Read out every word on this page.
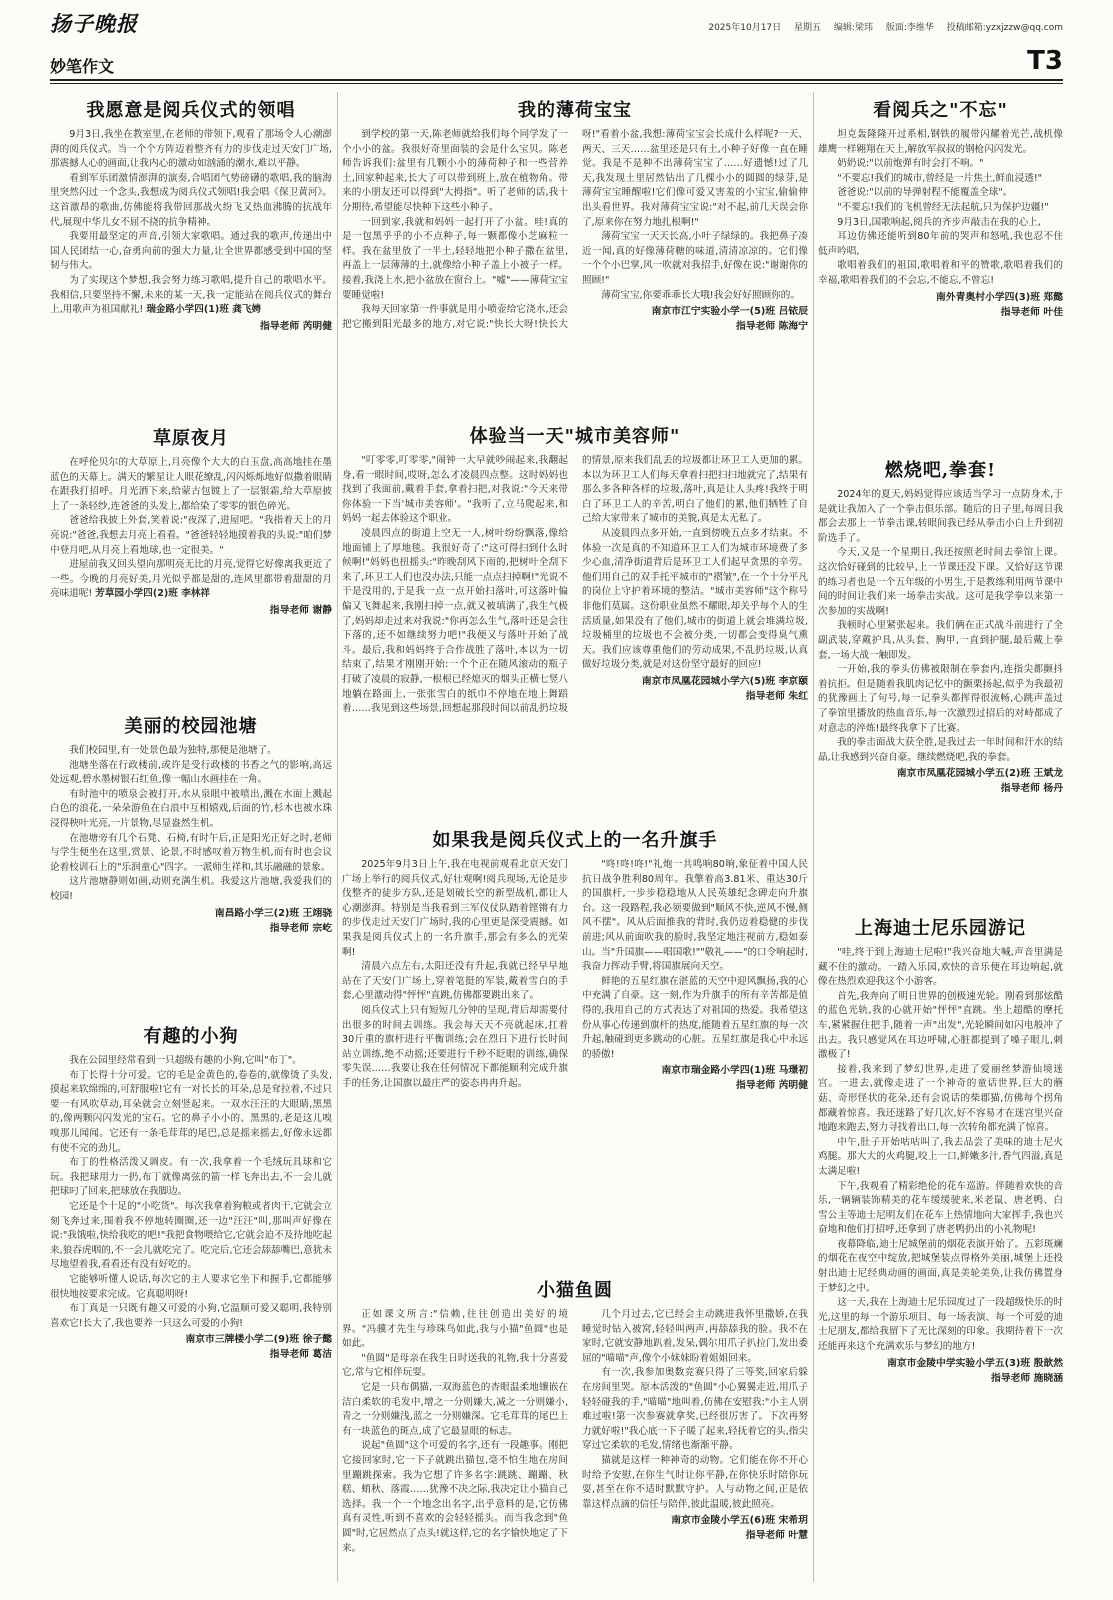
扬子晚报	2025年10月17日 星期五 编辑:梁玮 版面:李维华 投稿邮箱:yzxjzzw@qq.com
妙笔作文	T3
我愿意是阅兵仪式的领唱

9月3日,我坐在教室里,在老师的带领下,观看了那场令人心潮澎湃的阅兵仪式。当一个个方阵迈着整齐有力的步伐走过天安门广场,那震撼人心的画面,让我内心的激动如汹涌的潮水,难以平静。

看到军乐团激情澎湃的演奏,合唱团气势磅礴的歌唱,我的脑海里突然闪过一个念头,我想成为阅兵仪式领唱!我会唱《保卫黄河》。这首激昂的歌曲,仿佛能将我带回那战火纷飞又热血沸腾的抗战年代,展现中华儿女不屈不挠的抗争精神。

我要用最坚定的声音,引领大家歌唱。通过我的歌声,传递出中国人民团结一心,奋勇向前的强大力量,让全世界都感受到中国的坚韧与伟大。

为了实现这个梦想,我会努力练习歌唱,提升自己的歌唱水平。我相信,只要坚持不懈,未来的某一天,我一定能站在阅兵仪式的舞台上,用歌声为祖国献礼! 瑞金路小学四(1)班 龚飞娉

指导老师 芮明健
草原夜月

在呼伦贝尔的大草原上,月亮像个大大的白玉盘,高高地挂在墨蓝色的天幕上。满天的繁星让人眼花缭乱,闪闪烁烁地好似撒着眼睛在跟我打招呼。月光洒下来,给蒙古包镀上了一层银霜,给大草原披上了一条轻纱,连爸爸的头发上,都给染了零零的银色碎光。

爸爸给我披上外套,笑着说:"夜深了,进屋吧。"我指着天上的月亮说:"爸爸,我想去月亮上看看。"爸爸轻轻地摸着我的头说:"咱们梦中登月吧,从月亮上看地球,也一定很美。"

进屋前我又回头望向那明亮无比的月亮,觉得它好像离我更近了一些。今晚的月亮好美,月光似乎都是甜的,连风里都带着甜甜的月亮味道呢! 芳草园小学四(2)班 李林祥

指导老师 谢静
美丽的校园池塘

我们校园里,有一处景色最为独特,那便是池塘了。

池塘坐落在行政楼前,或许是受行政楼的书香之气的影响,高远处远观,碧水墨树银石红鱼,像一幅山水画挂在一角。

有时池中的喷泉会被打开,水从泉眼中被喷出,溅在水面上溅起白色的浪花,一朵朵游鱼在白浪中互相嬉戏,后面的竹,杉木也被水珠浸得秧叶光亮,一片景物,尽显盎然生机。

在池塘旁有几个石凳、石椅,有时午后,正是阳光正好之时,老师与学生便坐在这里,赏景、论景,不时感叹着万物生机,而有时也会议论着校训石上的"乐润童心"四字。一派师生祥和,其乐融融的景象。

这片池塘静则如画,动则充满生机。我爱这片池塘,我爱我们的校园!

南昌路小学三(2)班 王翊骁
指导老师 宗屹
有趣的小狗

我在公园里经常看到一只超级有趣的小狗,它叫"布丁"。

布丁长得十分可爱。它的毛是金黄色的,卷卷的,就像烫了头发,摸起来软绵绵的,可舒服啦!它有一对长长的耳朵,总是耷拉着,不过只要一有风吹草动,耳朵就会立刻竖起来。一双水汪汪的大眼睛,黑黑的,像两颗闪闪发光的宝石。它的鼻子小小的、黑黑的,老是这儿嗅嗅那儿闻闻。它还有一条毛茸茸的尾巴,总是摇来摇去,好像永远都有使不完的劲儿。

布丁的性格活泼又调皮。有一次,我拿着一个毛绒玩具球和它玩。我把球用力一扔,布丁就像离弦的箭一样飞奔出去,不一会儿就把球叼了回来,把球放在我脚边。

它还是个十足的"小吃货"。每次我拿着狗粮或者肉干,它就会立刻飞奔过来,围着我不停地转圈圈,还一边"汪汪"叫,那叫声好像在说:"我饿啦,快给我吃的吧!"我把食物喂给它,它就会迫不及待地吃起来,狼吞虎咽的,不一会儿就吃完了。吃完后,它还会舔舔嘴巴,意犹未尽地望着我,看看还有没有好吃的。

它能够听懂人说话,每次它的主人要求它坐下和握手,它都能够很快地按要求完成。它真聪明呀!

布丁真是一只既有趣又可爱的小狗,它温顺可爱又聪明,我特别喜欢它!长大了,我也要养一只这么可爱的小狗!

南京市三牌楼小学二(9)班 徐子懿
指导老师 葛洁
我的薄荷宝宝

到学校的第一天,陈老师就给我们每个同学发了一个小小的盆。我很好奇里面装的会是什么宝贝。陈老师告诉我们:盆里有几颗小小的薄荷种子和一些营养土,回家种起来,长大了可以带到班上,放在植物角。带来的小朋友还可以得到"大拇指"。听了老师的话,我十分期待,希望能尽快种下这些小种子。

一回到家,我就和妈妈一起打开了小盆。哇!真的是一包黑乎乎的小不点种子,每一颗都像小芝麻粒一样。我在盆里放了一半土,轻轻地把小种子撒在盆里,再盖上一层薄薄的土,就像给小种子盖上小被子一样。接着,我浇上水,把小盆放在窗台上。"嘘"——薄荷宝宝要睡觉啦!

我每天回家第一件事就是用小喷壶给它浇水,还会把它搬到阳光最多的地方,对它说:"快长大呀!快长大呀!"看着小盆,我想:薄荷宝宝会长成什么样呢?一天、两天、三天……盆里还是只有土,小种子好像一直在睡觉。我是不是种不出薄荷宝宝了……好遗憾!过了几天,我发现土里居然钻出了几棵小小的圆圆的绿芽,是薄荷宝宝睡醒啦!它们像可爱又害羞的小宝宝,偷偷伸出头看世界。我对薄荷宝宝说:"对不起,前几天误会你了,原来你在努力地扎根啊!"

薄荷宝宝一天天长高,小叶子绿绿的。我把鼻子凑近一闻,真的好像薄荷糖的味道,清清凉凉的。它们像一个个小巴掌,风一吹就对我招手,好像在说:"谢谢你的照顾!"

薄荷宝宝,你要乖乖长大哦!我会好好照顾你的。

南京市江宁实验小学一(5)班 吕铱辰
指导老师 陈海宁
体验当一天"城市美容师"

"叮零零,叮零零,"闹钟一大早就吵闹起来,我翻起身,看一眼时间,哎呀,怎么才凌晨四点整。这时妈妈也找到了我面前,戴着手套,拿着扫把,对我说:"今天来带你体验一下当'城市美容师'。"我听了,立马爬起来,和妈妈一起去体验这个职业。

凌晨四点的街道上空无一人,树叶纷纷飘落,像给地面铺上了厚地毯。我很好奇了:"这可得扫到什么时候啊!"妈妈也扭摇头:"昨晚刮风下雨的,把树叶全刮下来了,环卫工人们也没办法,只能一点点扫掉啊!"光说不干是没用的,于是我一点一点开始扫落叶,可这落叶偏偏又飞舞起来,我刚扫掉一点,就又被填满了,我生气极了,妈妈却走过来对我说:"你再怎么生气,落叶还是会往下落的,还不如继续努力吧!"我便又与落叶开始了战斗。最后,我和妈妈终于合作战胜了落叶,本以为一切结束了,结果才刚刚开始:一个个正在随风滚动的瓶子打破了凌晨的寂静,一根根已经熄灭的烟头正横七竖八地躺在路面上,一张张雪白的纸巾不停地在地上舞蹈着……我见到这些场景,回想起那段时间以前乱扔垃圾的情景,原来我们乱丢的垃圾都让环卫工人更加的累。本以为环卫工人们每天拿着扫把扫扫地就完了,结果有那么多各种各样的垃圾,落叶,真是让人头疼!我终于明白了环卫工人的辛苦,明白了他们的累,他们牺牲了自己给大家带来了城市的美貌,真是太无私了。

从凌晨四点多开始,一直到傍晚五点多才结束。不体验一次是真的不知道环卫工人们为城市环境费了多少心血,清净街道背后是环卫工人们起早贪黑的辛劳。他们用自己的双手托平城市的"褶皱",在一个十分平凡的岗位上守护着环境的整洁。"城市美容师"这个称号非他们莫属。这份职业虽然不耀眼,却关乎每个人的生活质量,如果没有了他们,城市的街道上就会堆满垃圾,垃圾桶里的垃圾也不会被分类,一切都会变得臭气熏天。我们应该尊重他们的劳动成果,不乱扔垃圾,认真做好垃圾分类,就是对这份坚守最好的回应!

南京市凤凰花园城小学六(5)班 李京颐
指导老师 朱红
如果我是阅兵仪式上的一名升旗手

2025年9月3日上午,我在电视前观看北京天安门广场上举行的阅兵仪式,好壮观啊!阅兵现场,无论是步伐整齐的徒步方队,还是划破长空的新型战机,都让人心潮澎湃。特别是当我看到三军仪仗队踏着铿锵有力的步伐走过天安门广场时,我的心里更是深受震撼。如果我是阅兵仪式上的一名升旗手,那会有多么的光荣啊!

清晨六点左右,太阳还没有升起,我就已经早早地站在了天安门广场上,穿着笔挺的军装,戴着雪白的手套,心里激动得"怦怦"直跳,仿佛都要跳出来了。

阅兵仪式上只有短短几分钟的呈现,背后却需要付出很多的时间去训练。我会每天天不亮就起床,扛着30斤重的旗杆进行平衡训练;会在烈日下进行长时间站立训练,绝不动摇;还要进行千秒不眨眼的训练,确保零失误……我要让我在任何情况下都能顺利完成升旗手的任务,让国旗以最庄严的姿态冉冉升起。

"咚!咚!咚!"礼炮一共鸣响80响,象征着中国人民抗日战争胜利80周年。我擎着高3.81米、重达30斤的国旗杆,一步步稳稳地从人民英雄纪念碑走向升旗台。这一段路程,我必须要做到"顺风不快,逆风不慢,侧风不摆"。风从后面推我的背时,我仍迈着稳健的步伐前进;风从前面吹我的脸时,我坚定地注视前方,稳如泰山。当"升国旗——唱国歌!""敬礼——"的口令响起时,我奋力挥动手臂,将国旗展向天空。

鲜艳的五星红旗在湛蓝的天空中迎风飘扬,我的心中充满了自豪。这一刻,作为升旗手的所有辛苦都是值得的,我用自己的方式表达了对祖国的热爱。我希望这份从事心传递到旗杆的热度,能随着五星红旗的每一次升起,触碰到更多跳动的心脏。五星红旗是我心中永远的骄傲!

南京市瑞金路小学四(1)班 马璟初
指导老师 芮明健
小猫鱼圆

正如课文所言:"信赖,往往创造出美好的境界。"冯骥才先生与珍珠鸟如此,我与小猫"鱼圆"也是如此。

"鱼圆"是母亲在我生日时送我的礼物,我十分喜爱它,常与它相伴玩耍。

它是一只布偶猫,一双海蓝色的杏眼温柔地镶嵌在洁白柔软的毛发中,增之一分则嫌大,减之一分则嫌小,青之一分则嫌浅,蓝之一分则嫌深。它毛茸茸的尾巴上有一块蓝色的斑点,成了它最显眼的标志。

说起"鱼圆"这个可爱的名字,还有一段趣事。刚把它接回家时,它一下子就跳出猫包,毫不怕生地在房间里蹦跳探索。我为它想了许多名字:跳跳、蹦蹦、秋糕、蛸秋、落霞……犹豫不决之际,我决定让小猫自己选择。我一个一个地念出名字,出乎意料的是,它仿佛真有灵性,听到不喜欢的会轻轻摇头。而当我念到"鱼圆"时,它居然点了点头!就这样,它的名字愉快地定了下来。

几个月过去,它已经会主动跳进我怀里撒娇,在我睡觉时钻入被窝,轻轻叫两声,再舔舔我的脸。我不在家时,它就安静地趴着,发呆,偶尔用爪子扒拉门,发出委屈的"喵喵"声,像个小妹妹盼着姐姐回来。

有一次,我参加奥数竞赛只得了三等奖,回家后躲在房间里哭。原本活泼的"鱼圆"小心翼翼走近,用爪子轻轻碰我的手,"喵喵"地叫着,仿佛在安慰我:"小主人别难过啦!第一次参赛就拿奖,已经很厉害了。下次再努力就好啦!"我心底一下子暖了起来,轻抚着它的头,指尖穿过它柔软的毛发,情绪也渐渐平静。

猫就是这样一种神奇的动物。它们能在你不开心时给予安慰,在你生气时让你平静,在你快乐时陪你玩耍,甚至在你不适时默默守护。人与动物之间,正是依靠这样点滴的信任与陪伴,彼此温暖,彼此照亮。

南京市金陵小学五(6)班 宋希玥
指导老师 叶慧
看阅兵之"不忘"

坦克轰隆隆开过系相,钢铁的履带闪耀着光芒,战机像雄鹰一样翱翔在天上,解放军叔叔的钢枪闪闪发光。

奶奶说:"以前炮弹有时会打不响。"

"不要忘!我们的城市,曾经是一片焦土,鲜血浸透!"

爸爸说:"以前的导弹射程不能覆盖全球"。

"不要忘!我们的飞机曾经无法起航,只为保护边疆!"

9月3日,国歌响起,阅兵的齐步声敲击在我的心上,

耳边仿佛还能听到80年前的哭声和怒吼,我也忍不住低声吟唱,

歌唱着我们的祖国,歌唱着和平的赞歌,歌唱着我们的幸福,歌唱着我们的不会忘,不能忘,不曾忘!

南外青奥村小学四(3)班 郑懿
指导老师 叶佳
燃烧吧,拳套!

2024年的夏天,妈妈觉得应该适当学习一点防身术,于是就让我加入了一个拳击俱乐部。随后的日子里,每周日我都会去那上一节拳击课,转眼间我已经从拳击小白上升到初阶选手了。

今天,又是一个星期日,我还按照老时间去拳馆上课。这次恰好碰到的比较早,上一节课还没下课。又恰好这节课的练习者也是一个五年级的小男生,于是教练利用两节课中间的时间让我们来一场拳击实战。这可是我学拳以来第一次参加的实战啊!

我顿时心里紧张起来。我们俩在正式战斗前进行了全副武装,穿戴护具,从头套、胸甲,一直到护腿,最后戴上拳套,一场大战一触即发。

一开始,我的拳头仿佛被限制在拳套内,连指尖都颤抖着抗拒。但是随着我肌肉记忆中的颤栗扬起,似乎为我最初的犹豫画上了句号,每一记拳头都挥得很流畅,心跳声盖过了拳馆里播放的热血音乐,每一次激烈过招后的对峙都成了对意志的淬炼!最终我拿下了比赛。

我的拳击面战大获全胜,是我过去一年时间和汗水的结晶,让我感到兴奋自豪。继续燃烧吧,我的拳套。

南京市凤凰花园城小学五(2)班 王斌龙
指导老师 杨丹
上海迪士尼乐园游记

"哇,终于到上海迪士尼啦!"我兴奋地大喊,声音里满是藏不住的激动。一踏入乐园,欢快的音乐便在耳边响起,就像在热烈欢迎我这个小游客。

首先,我奔向了明日世界的创极速光轮。刚看到那炫酷的蓝色光轨,我的心就开始"怦怦"直跳。坐上超酷的摩托车,紧紧握住把手,随着一声"出发",光轮瞬间如闪电般冲了出去。我只感觉风在耳边呼啸,心脏都提到了嗓子眼儿,刺激极了!

接着,我来到了梦幻世界,走进了爱丽丝梦游仙境迷宫。一进去,就像走进了一个神奇的童话世界,巨大的蘑菇、奇形怪状的花朵,还有会说话的柴郡猫,仿佛每个拐角都藏着惊喜。我还迷路了好几次,好不容易才在迷宫里兴奋地跑来跑去,努力寻找着出口,每一次转角都充满了惊喜。

中午,肚子开始咕咕叫了,我去品尝了美味的迪士尼火鸡腿。那大大的火鸡腿,咬上一口,鲜嫩多汁,香气四溢,真是太满足啦!

下午,我观看了精彩绝伦的花车巡游。伴随着欢快的音乐,一辆辆装饰精美的花车缓缓驶来,米老鼠、唐老鸭、白雪公主等迪士尼明友们在花车上热情地向大家挥手,我也兴奋地和他们打招呼,还拿到了唐老鸭扔出的小礼物呢!

夜幕降临,迪士尼城堡前的烟花表演开始了。五彩斑斓的烟花在夜空中绽放,把城堡装点得格外美丽,城堡上还投射出迪士尼经典动画的画面,真是美轮美奂,让我仿佛置身于梦幻之中。

这一天,我在上海迪士尼乐园度过了一段超级快乐的时光,这里的每一个游乐项目、每一场表演、每一个可爱的迪士尼朋友,都给我留下了无比深刻的印象。我期待着下一次还能再来这个充满欢乐与梦幻的地方!

南京市金陵中学实验小学五(3)班 殷歆然
指导老师 施晓涵
